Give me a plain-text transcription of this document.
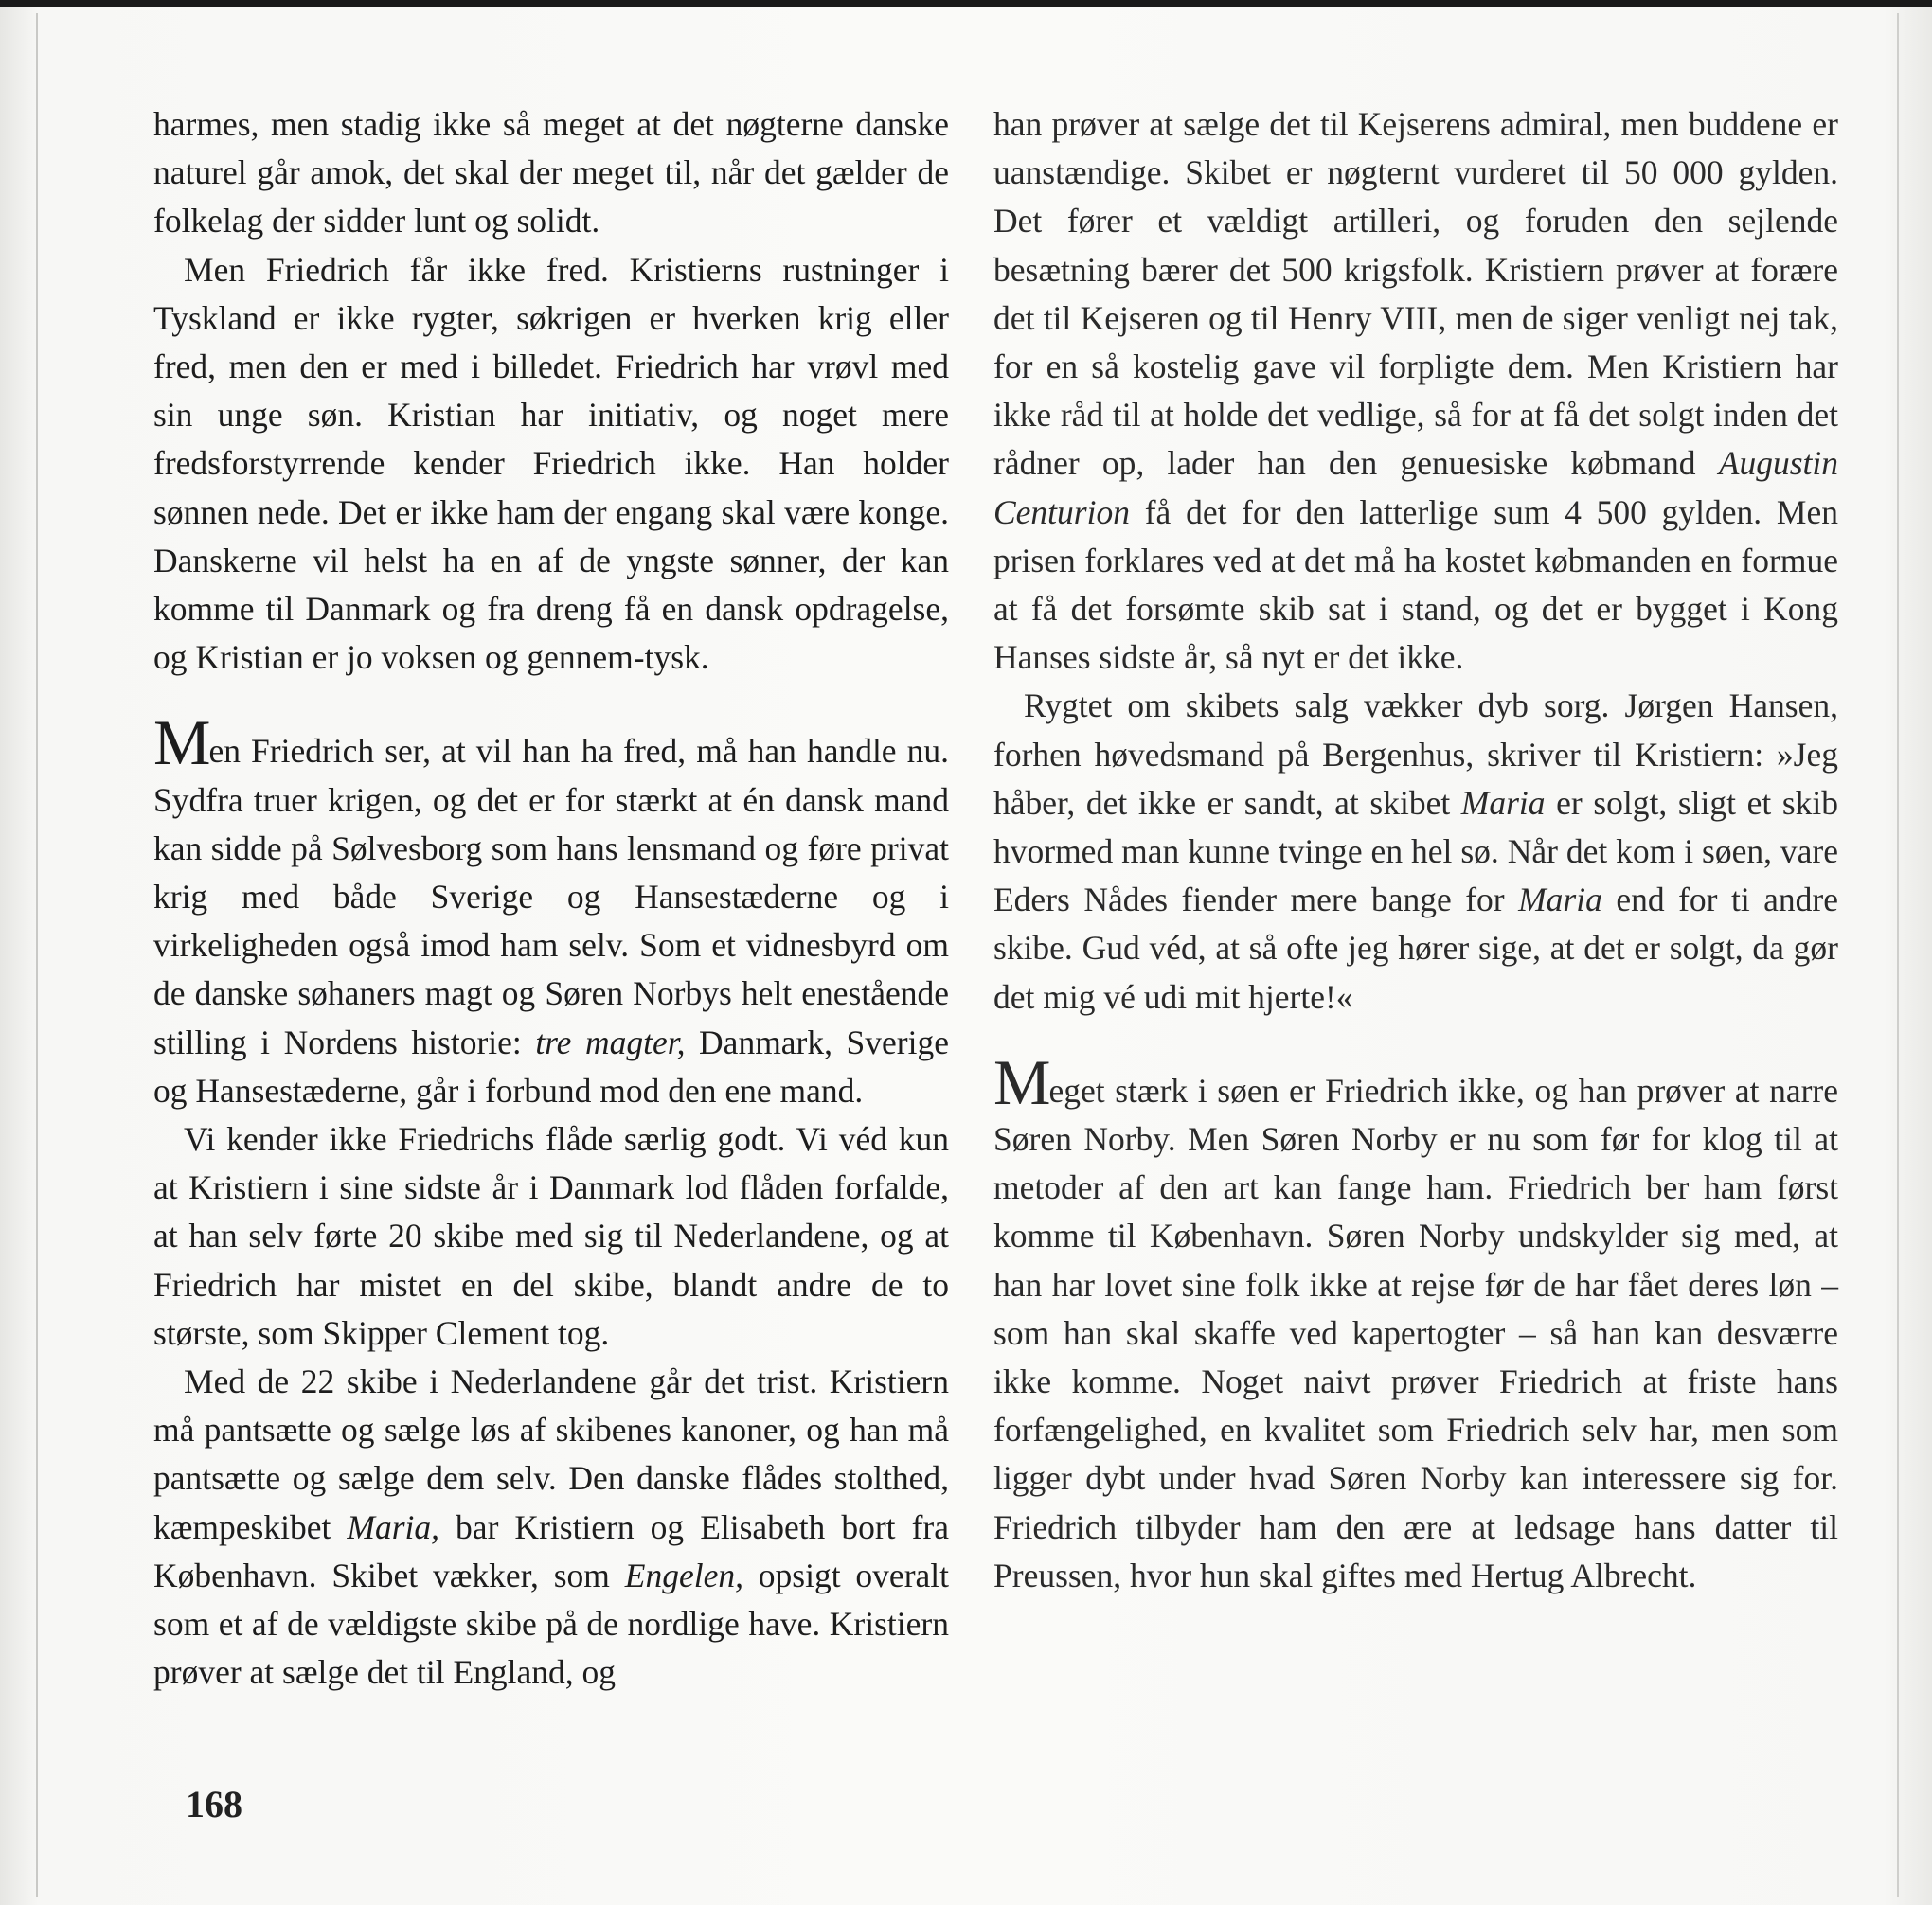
harmes, men stadig ikke så meget at det nøgterne danske naturel går amok, det skal der meget til, når det gælder de folkelag der sidder lunt og solidt.

Men Friedrich får ikke fred. Kristierns rustninger i Tyskland er ikke rygter, søkrigen er hverken krig eller fred, men den er med i billedet. Friedrich har vrøvl med sin unge søn. Kristian har initiativ, og noget mere fredsforstyrrende kender Friedrich ikke. Han holder sønnen nede. Det er ikke ham der engang skal være konge. Danskerne vil helst ha en af de yngste sønner, der kan komme til Danmark og fra dreng få en dansk opdragelse, og Kristian er jo voksen og gennem-tysk.

Men Friedrich ser, at vil han ha fred, må han handle nu. Sydfra truer krigen, og det er for stærkt at én dansk mand kan sidde på Sølvesborg som hans lensmand og føre privat krig med både Sverige og Hansestæderne og i virkeligheden også imod ham selv. Som et vidnesbyrd om de danske søhaners magt og Søren Norbys helt enestående stilling i Nordens historie: tre magter, Danmark, Sverige og Hansestæderne, går i forbund mod den ene mand.

Vi kender ikke Friedrichs flåde særlig godt. Vi véd kun at Kristiern i sine sidste år i Danmark lod flåden forfalde, at han selv førte 20 skibe med sig til Nederlandene, og at Friedrich har mistet en del skibe, blandt andre de to største, som Skipper Clement tog.

Med de 22 skibe i Nederlandene går det trist. Kristiern må pantsætte og sælge løs af skibenes kanoner, og han må pantsætte og sælge dem selv. Den danske flådes stolthed, kæmpeskibet Maria, bar Kristiern og Elisabeth bort fra København. Skibet vækker, som Engelen, opsigt overalt som et af de vældigste skibe på de nordlige have. Kristiern prøver at sælge det til England, og

han prøver at sælge det til Kejserens admiral, men buddene er uanstændige. Skibet er nøgternt vurderet til 50 000 gylden. Det fører et vældigt artilleri, og foruden den sejlende besætning bærer det 500 krigsfolk. Kristiern prøver at forære det til Kejseren og til Henry VIII, men de siger venligt nej tak, for en så kostelig gave vil forpligte dem. Men Kristiern har ikke råd til at holde det vedlige, så for at få det solgt inden det rådner op, lader han den genuesiske købmand Augustin Centurion få det for den latterlige sum 4 500 gylden. Men prisen forklares ved at det må ha kostet købmanden en formue at få det forsømte skib sat i stand, og det er bygget i Kong Hanses sidste år, så nyt er det ikke.

Rygtet om skibets salg vækker dyb sorg. Jørgen Hansen, forhen høvedsmand på Bergenhus, skriver til Kristiern: »Jeg håber, det ikke er sandt, at skibet Maria er solgt, sligt et skib hvormed man kunne tvinge en hel sø. Når det kom i søen, vare Eders Nådes fiender mere bange for Maria end for ti andre skibe. Gud véd, at så ofte jeg hører sige, at det er solgt, da gør det mig vé udi mit hjerte!«

Meget stærk i søen er Friedrich ikke, og han prøver at narre Søren Norby. Men Søren Norby er nu som før for klog til at metoder af den art kan fange ham. Friedrich ber ham først komme til København. Søren Norby undskylder sig med, at han har lovet sine folk ikke at rejse før de har fået deres løn – som han skal skaffe ved kapertogter – så han kan desværre ikke komme. Noget naivt prøver Friedrich at friste hans forfængelighed, en kvalitet som Friedrich selv har, men som ligger dybt under hvad Søren Norby kan interessere sig for. Friedrich tilbyder ham den ære at ledsage hans datter til Preussen, hvor hun skal giftes med Hertug Albrecht.

168
